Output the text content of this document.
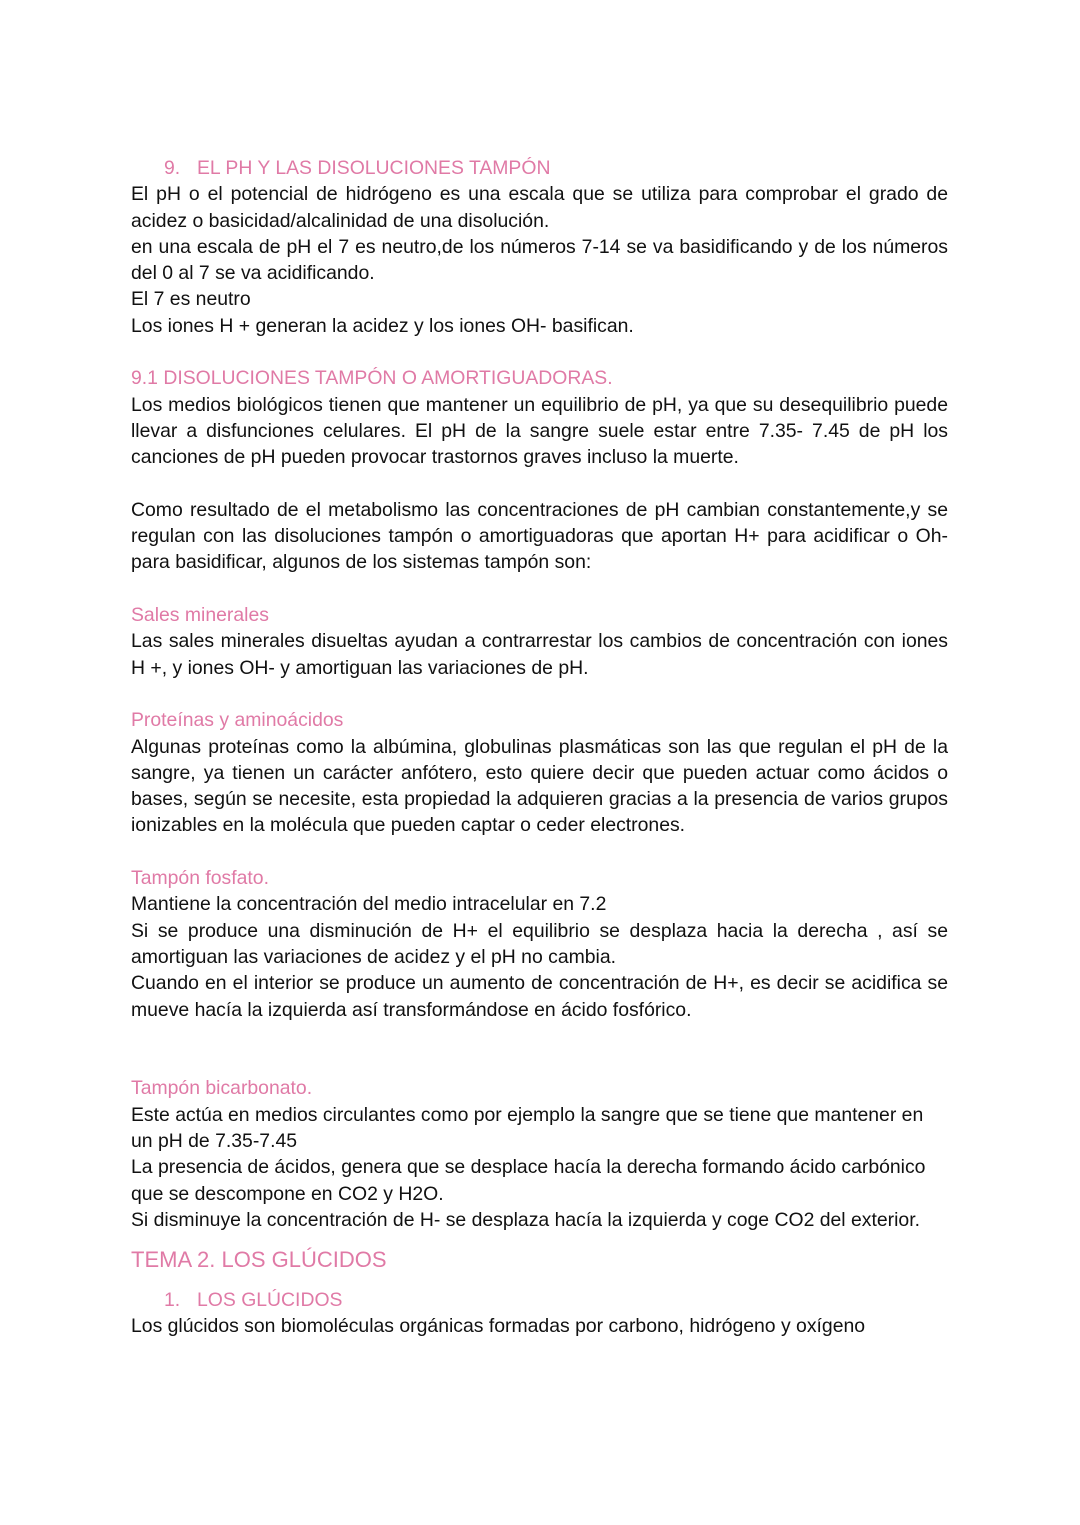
9. EL PH Y LAS DISOLUCIONES TAMPÓN

El pH o el potencial de hidrógeno es una escala que se utiliza para comprobar el grado de acidez o basicidad/alcalinidad de una disolución.

en una escala de pH el 7 es neutro,de los números 7-14 se va basidificando y de los números del 0 al 7 se va acidificando.

El 7 es neutro

Los iones H + generan la acidez y los iones OH- basifican.

9.1 DISOLUCIONES TAMPÓN O AMORTIGUADORAS.

Los medios biológicos tienen que mantener un equilibrio de pH, ya que su desequilibrio puede llevar a disfunciones celulares. El pH de la sangre suele estar entre 7.35- 7.45 de pH los canciones de pH pueden provocar trastornos graves incluso la muerte.

Como resultado de el metabolismo las concentraciones de pH cambian constantemente,y se regulan con las disoluciones tampón o amortiguadoras que aportan H+ para acidificar o Oh- para basidificar, algunos de los sistemas tampón son:

Sales minerales

Las sales minerales disueltas ayudan a contrarrestar los cambios de concentración con iones H +, y iones OH- y amortiguan las variaciones de pH.

Proteínas y aminoácidos

Algunas proteínas como la albúmina, globulinas plasmáticas son las que regulan el pH de la sangre, ya tienen un carácter anfótero, esto quiere decir que pueden actuar como ácidos o bases, según se necesite, esta propiedad la adquieren gracias a la presencia de varios grupos ionizables en la molécula que pueden captar o ceder electrones.

Tampón fosfato.

Mantiene la concentración del medio intracelular en 7.2

Si se produce una disminución de H+ el equilibrio se desplaza hacia la derecha , así se amortiguan las variaciones de acidez y el pH no cambia.

Cuando en el interior se produce un aumento de concentración de H+, es decir se acidifica se mueve hacía la izquierda así transformándose en ácido fosfórico.

Tampón bicarbonato.

Este actúa en medios circulantes como por ejemplo la sangre que se tiene que mantener en un pH de 7.35-7.45

La presencia de ácidos, genera que se desplace hacía la derecha formando ácido carbónico que se descompone en CO2 y H2O.

Si disminuye la concentración de H- se desplaza hacía la izquierda y coge CO2 del exterior.

TEMA 2. LOS GLÚCIDOS

1. LOS GLÚCIDOS

Los glúcidos son biomoléculas orgánicas formadas por carbono, hidrógeno y oxígeno
